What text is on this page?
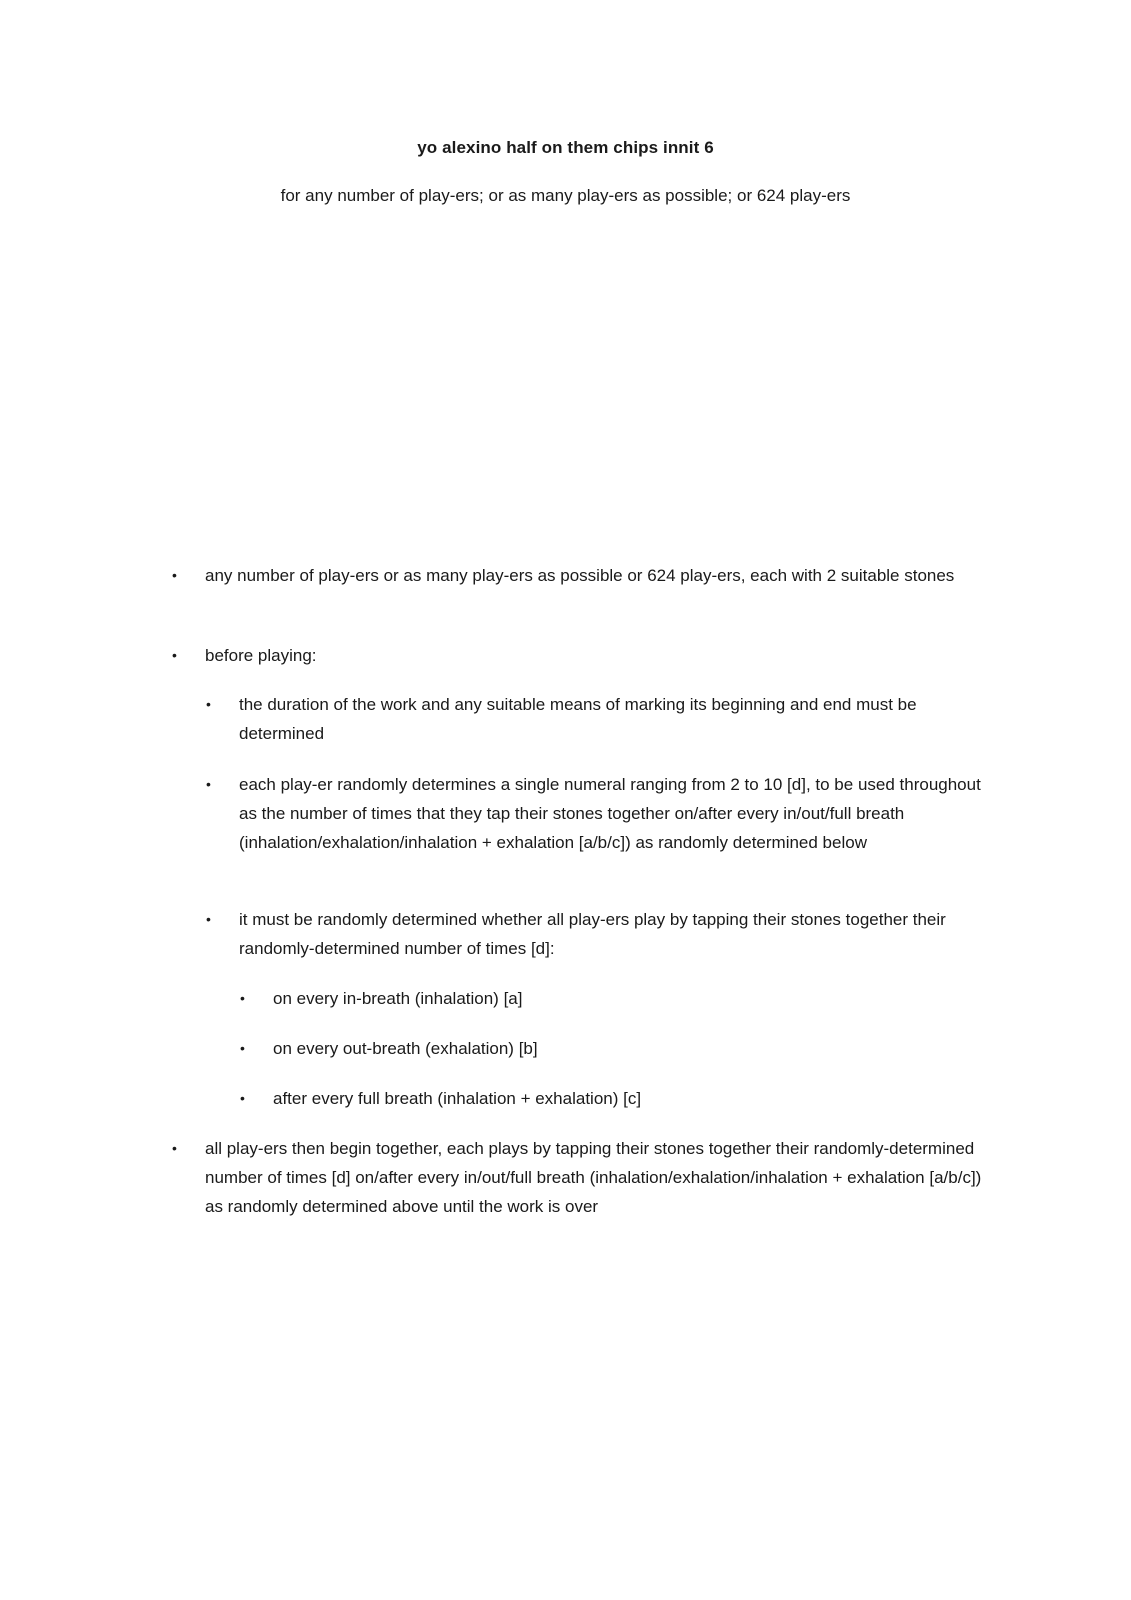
yo alexino half on them chips innit 6
for any number of play-ers; or as many play-ers as possible; or 624 play-ers
• any number of play-ers or as many play-ers as possible or 624 play-ers, each with 2 suitable stones
• before playing:
• the duration of the work and any suitable means of marking its beginning and end must be determined
• each play-er randomly determines a single numeral ranging from 2 to 10 [d], to be used throughout as the number of times that they tap their stones together on/after every in/out/full breath (inhalation/exhalation/inhalation + exhalation [a/b/c]) as randomly determined below
• it must be randomly determined whether all play-ers play by tapping their stones together their randomly-determined number of times [d]:
• on every in-breath (inhalation) [a]
• on every out-breath (exhalation) [b]
• after every full breath (inhalation + exhalation) [c]
• all play-ers then begin together, each plays by tapping their stones together their randomly-determined number of times [d] on/after every in/out/full breath (inhalation/exhalation/inhalation + exhalation [a/b/c]) as randomly determined above until the work is over
